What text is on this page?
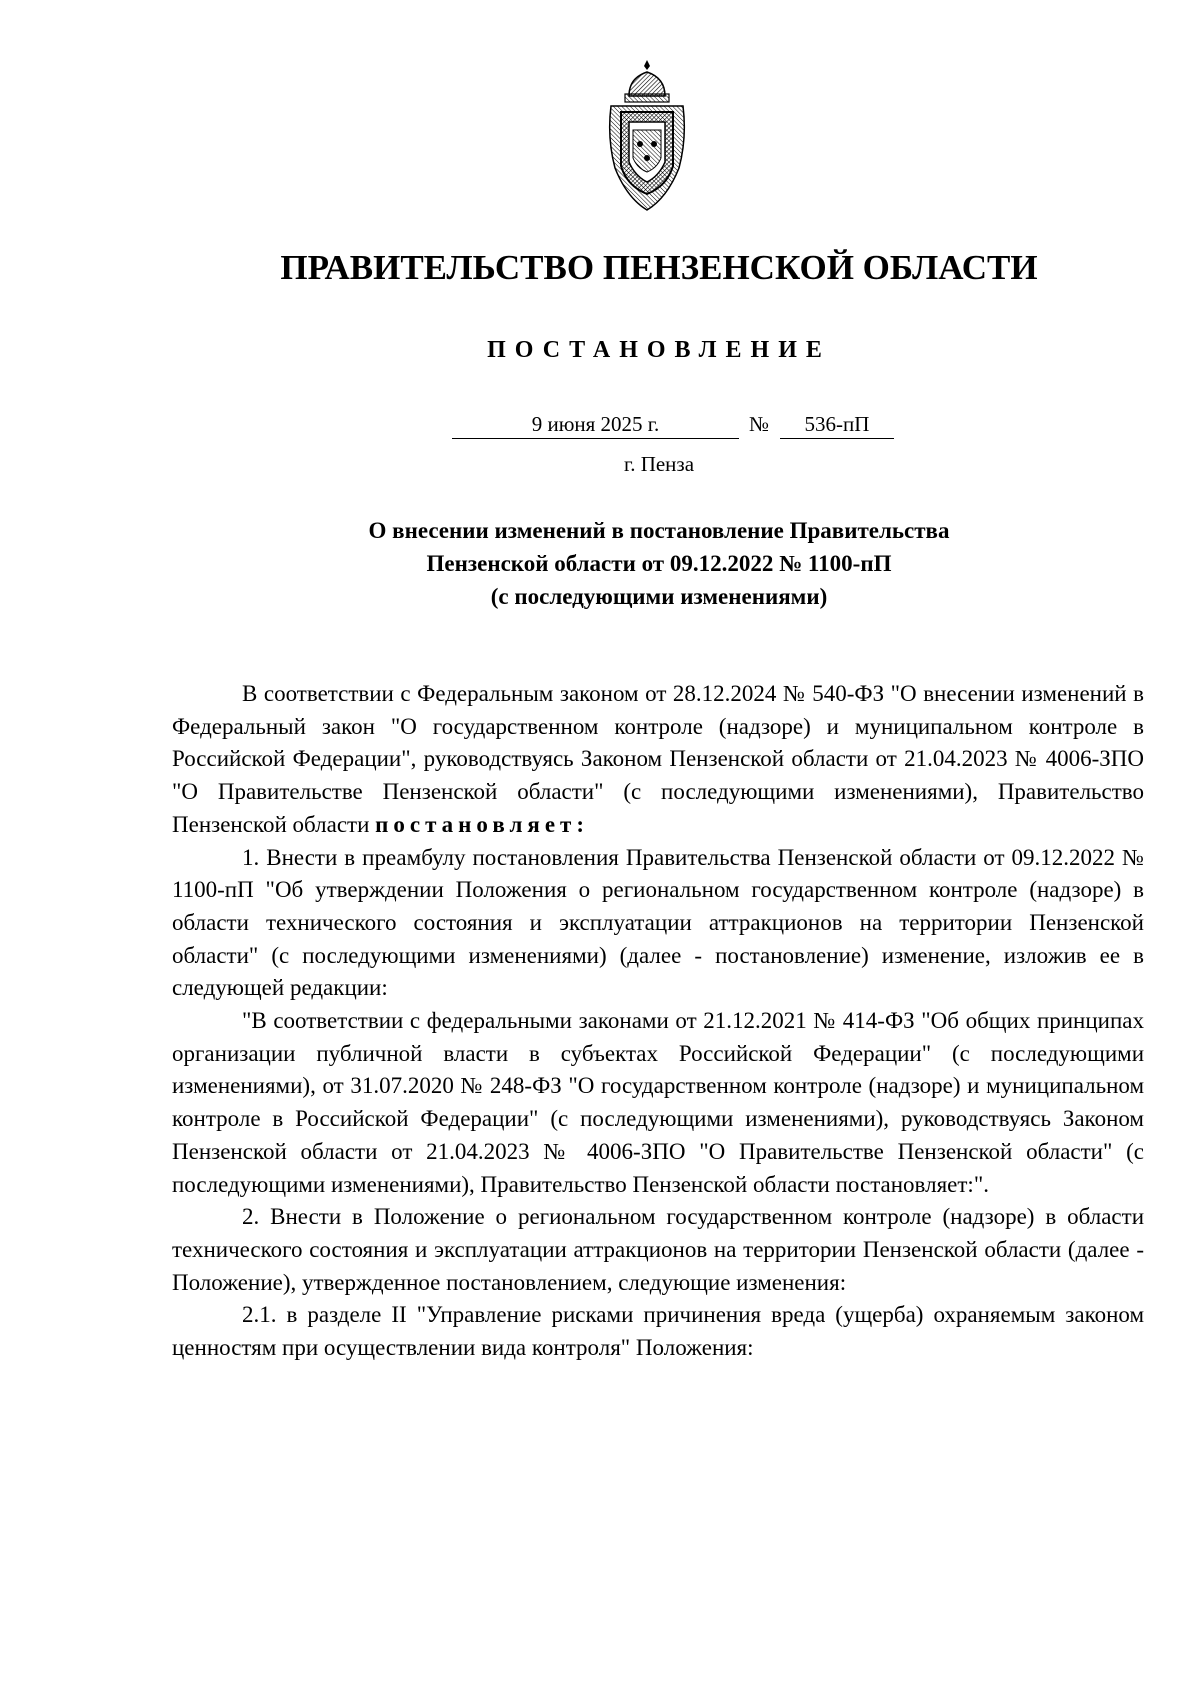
ПРАВИТЕЛЬСТВО ПЕНЗЕНСКОЙ ОБЛАСТИ
ПОСТАНОВЛЕНИЕ
9 июня 2025 г.	№	536-пП
г. Пенза
О внесении изменений в постановление Правительства
Пензенской области от 09.12.2022 № 1100-пП
(с последующими изменениями)

В соответствии с Федеральным законом от 28.12.2024 № 540-ФЗ "О внесении изменений в Федеральный закон "О государственном контроле (надзоре) и муниципальном контроле в Российской Федерации", руководствуясь Законом Пензенской области от 21.04.2023 № 4006-ЗПО "О Правительстве Пензенской области" (с последующими изменениями), Правительство Пензенской области постановляет:

1. Внести в преамбулу постановления Правительства Пензенской области от 09.12.2022 № 1100-пП "Об утверждении Положения о региональном государственном контроле (надзоре) в области технического состояния и эксплуатации аттракционов на территории Пензенской области" (с последующими изменениями) (далее - постановление) изменение, изложив ее в следующей редакции:

"В соответствии с федеральными законами от 21.12.2021 № 414-ФЗ "Об общих принципах организации публичной власти в субъектах Российской Федерации" (с последующими изменениями), от 31.07.2020 № 248-ФЗ "О государственном контроле (надзоре) и муниципальном контроле в Российской Федерации" (с последующими изменениями), руководствуясь Законом Пензенской области от 21.04.2023 № 4006-ЗПО "О Правительстве Пензенской области" (с последующими изменениями), Правительство Пензенской области постановляет:".

2. Внести в Положение о региональном государственном контроле (надзоре) в области технического состояния и эксплуатации аттракционов на территории Пензенской области (далее - Положение), утвержденное постановлением, следующие изменения:

2.1. в разделе II "Управление рисками причинения вреда (ущерба) охраняемым законом ценностям при осуществлении вида контроля" Положения:
